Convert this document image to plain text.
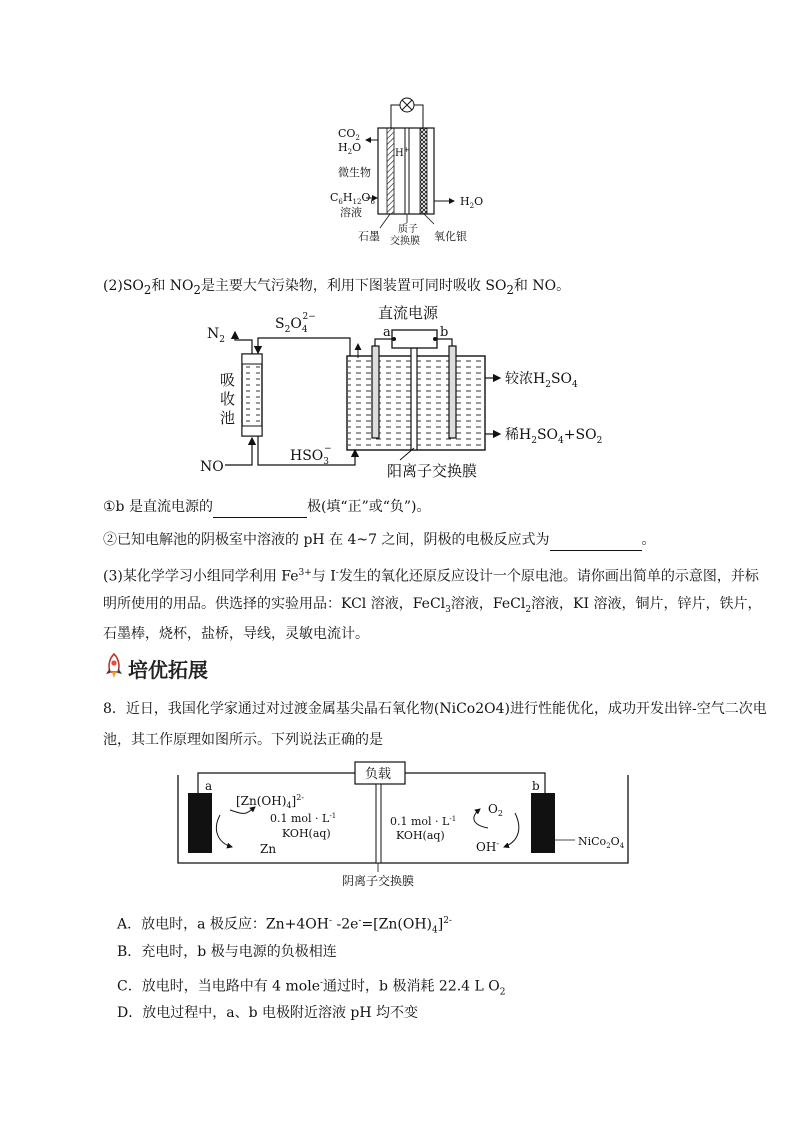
$CO_2$
$H_2O$
微生物
$C_6H_{12}O_6$
溶液
H+
$H_2O$
石墨
质子
交换膜 氧化银
$(2)SO_2$和 $NO_2$是主要大气污染物，利用下图装置可同时吸收 $SO_2$和 NO。
直流电源
a	b
$N_2$
$S_2O_42-$
吸
收
池
NO
$HSO_3-$
较浓$H_2SO_4$
稀$H_2SO_4+SO_2$
阳离子交换膜
①b 是直流电源的	极(填“正”或“负”)。
②已知电解池的阴极室中溶液的 pH 在 4~7 之间，阴极的电极反应式为	。
(3)某化学学习小组同学利用 $Fe^{3+}$与 I-发生的氧化还原反应设计一个原电池。请你画出简单的示意图，并标
明所使用的用品。供选择的实验用品：KCl 溶液，FeCl$_3$溶液，FeCl$_2$溶液，KI 溶液，铜片，锌片，铁片，
石墨棒，烧杯，盐桥，导线，灵敏电流计。
培优拓展
8．近日，我国化学家通过对过渡金属基尖晶石氧化物(NiCo2O4)进行性能优化，成功开发出锌-空气二次电
池，其工作原理如图所示。下列说法正确的是
负载
a	b
$[Zn(OH)_4]^{2-}$
0.1 mol · $L^{-1}$
KOH(aq)
Zn
0.1 mol · $L^{-1}$
KOH(aq)
$O_2$
OH-	$NiCo_2O_4$
阴离子交换膜
A．放电时，a 极反应：Zn+4OH- $-2e^-=[Zn(OH)_4]^{2-}$
B．充电时，b 极与电源的负极相连
C．放电时，当电路中有 4 mole-通过时，b 极消耗 22.4 L $O_2$
D．放电过程中，a、b 电极附近溶液 pH 均不变
